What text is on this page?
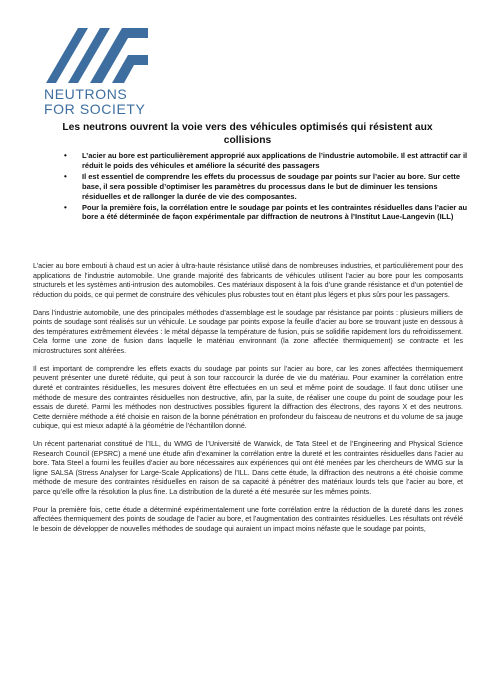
NEUTRONS
FOR SOCIETY
Les neutrons ouvrent la voie vers des véhicules optimisés qui résistent aux collisions
• L’acier au bore est particulièrement approprié aux applications de l’industrie automobile. Il est attractif car il réduit le poids des véhicules et améliore la sécurité des passagers
• Il est essentiel de comprendre les effets du processus de soudage par points sur l’acier au bore. Sur cette base, il sera possible d’optimiser les paramètres du processus dans le but de diminuer les tensions résiduelles et de rallonger la durée de vie des composantes.
• Pour la première fois, la corrélation entre le soudage par points et les contraintes résiduelles dans l’acier au bore a été déterminée de façon expérimentale par diffraction de neutrons à l’Institut Laue-Langevin (ILL)

L’acier au bore embouti à chaud est un acier à ultra-haute résistance utilisé dans de nombreuses industries, et particulièrement pour des applications de l’industrie automobile. Une grande majorité des fabricants de véhicules utilisent l’acier au bore pour les composants structurels et les systèmes anti-intrusion des automobiles. Ces matériaux disposent à la fois d’une grande résistance et d’un potentiel de réduction du poids, ce qui permet de construire des véhicules plus robustes tout en étant plus légers et plus sûrs pour les passagers.

Dans l’industrie automobile, une des principales méthodes d’assemblage est le soudage par résistance par points : plusieurs milliers de points de soudage sont réalisés sur un véhicule. Le soudage par points expose la feuille d’acier au bore se trouvant juste en dessous à des températures extrêmement élevées : le métal dépasse la température de fusion, puis se solidifie rapidement lors du refroidissement. Cela forme une zone de fusion dans laquelle le matériau environnant (la zone affectée thermiquement) se contracte et les microstructures sont altérées.

Il est important de comprendre les effets exacts du soudage par points sur l’acier au bore, car les zones affectées thermiquement peuvent présenter une dureté réduite, qui peut à son tour raccourcir la durée de vie du matériau. Pour examiner la corrélation entre dureté et contraintes résiduelles, les mesures doivent être effectuées en un seul et même point de soudage. Il faut donc utiliser une méthode de mesure des contraintes résiduelles non destructive, afin, par la suite, de réaliser une coupe du point de soudage pour les essais de dureté. Parmi les méthodes non destructives possibles figurent la diffraction des électrons, des rayons X et des neutrons. Cette dernière méthode a été choisie en raison de la bonne pénétration en profondeur du faisceau de neutrons et du volume de sa jauge cubique, qui est mieux adapté à la géométrie de l’échantillon donné.

Un récent partenariat constitué de l’ILL, du WMG de l’Université de Warwick, de Tata Steel et de l’Engineering and Physical Science Research Council (EPSRC) a mené une étude afin d’examiner la corrélation entre la dureté et les contraintes résiduelles dans l’acier au bore. Tata Steel a fourni les feuilles d’acier au bore nécessaires aux expériences qui ont été menées par les chercheurs de WMG sur la ligne SALSA (Stress Analyser for Large-Scale Applications) de l’ILL. Dans cette étude, la diffraction des neutrons a été choisie comme méthode de mesure des contraintes résiduelles en raison de sa capacité à pénétrer des matériaux lourds tels que l’acier au bore, et parce qu’elle offre la résolution la plus fine. La distribution de la dureté a été mesurée sur les mêmes points.

Pour la première fois, cette étude a déterminé expérimentalement une forte corrélation entre la réduction de la dureté dans les zones affectées thermiquement des points de soudage de l’acier au bore, et l’augmentation des contraintes résiduelles. Les résultats ont révélé le besoin de développer de nouvelles méthodes de soudage qui auraient un impact moins néfaste que le soudage par points,
